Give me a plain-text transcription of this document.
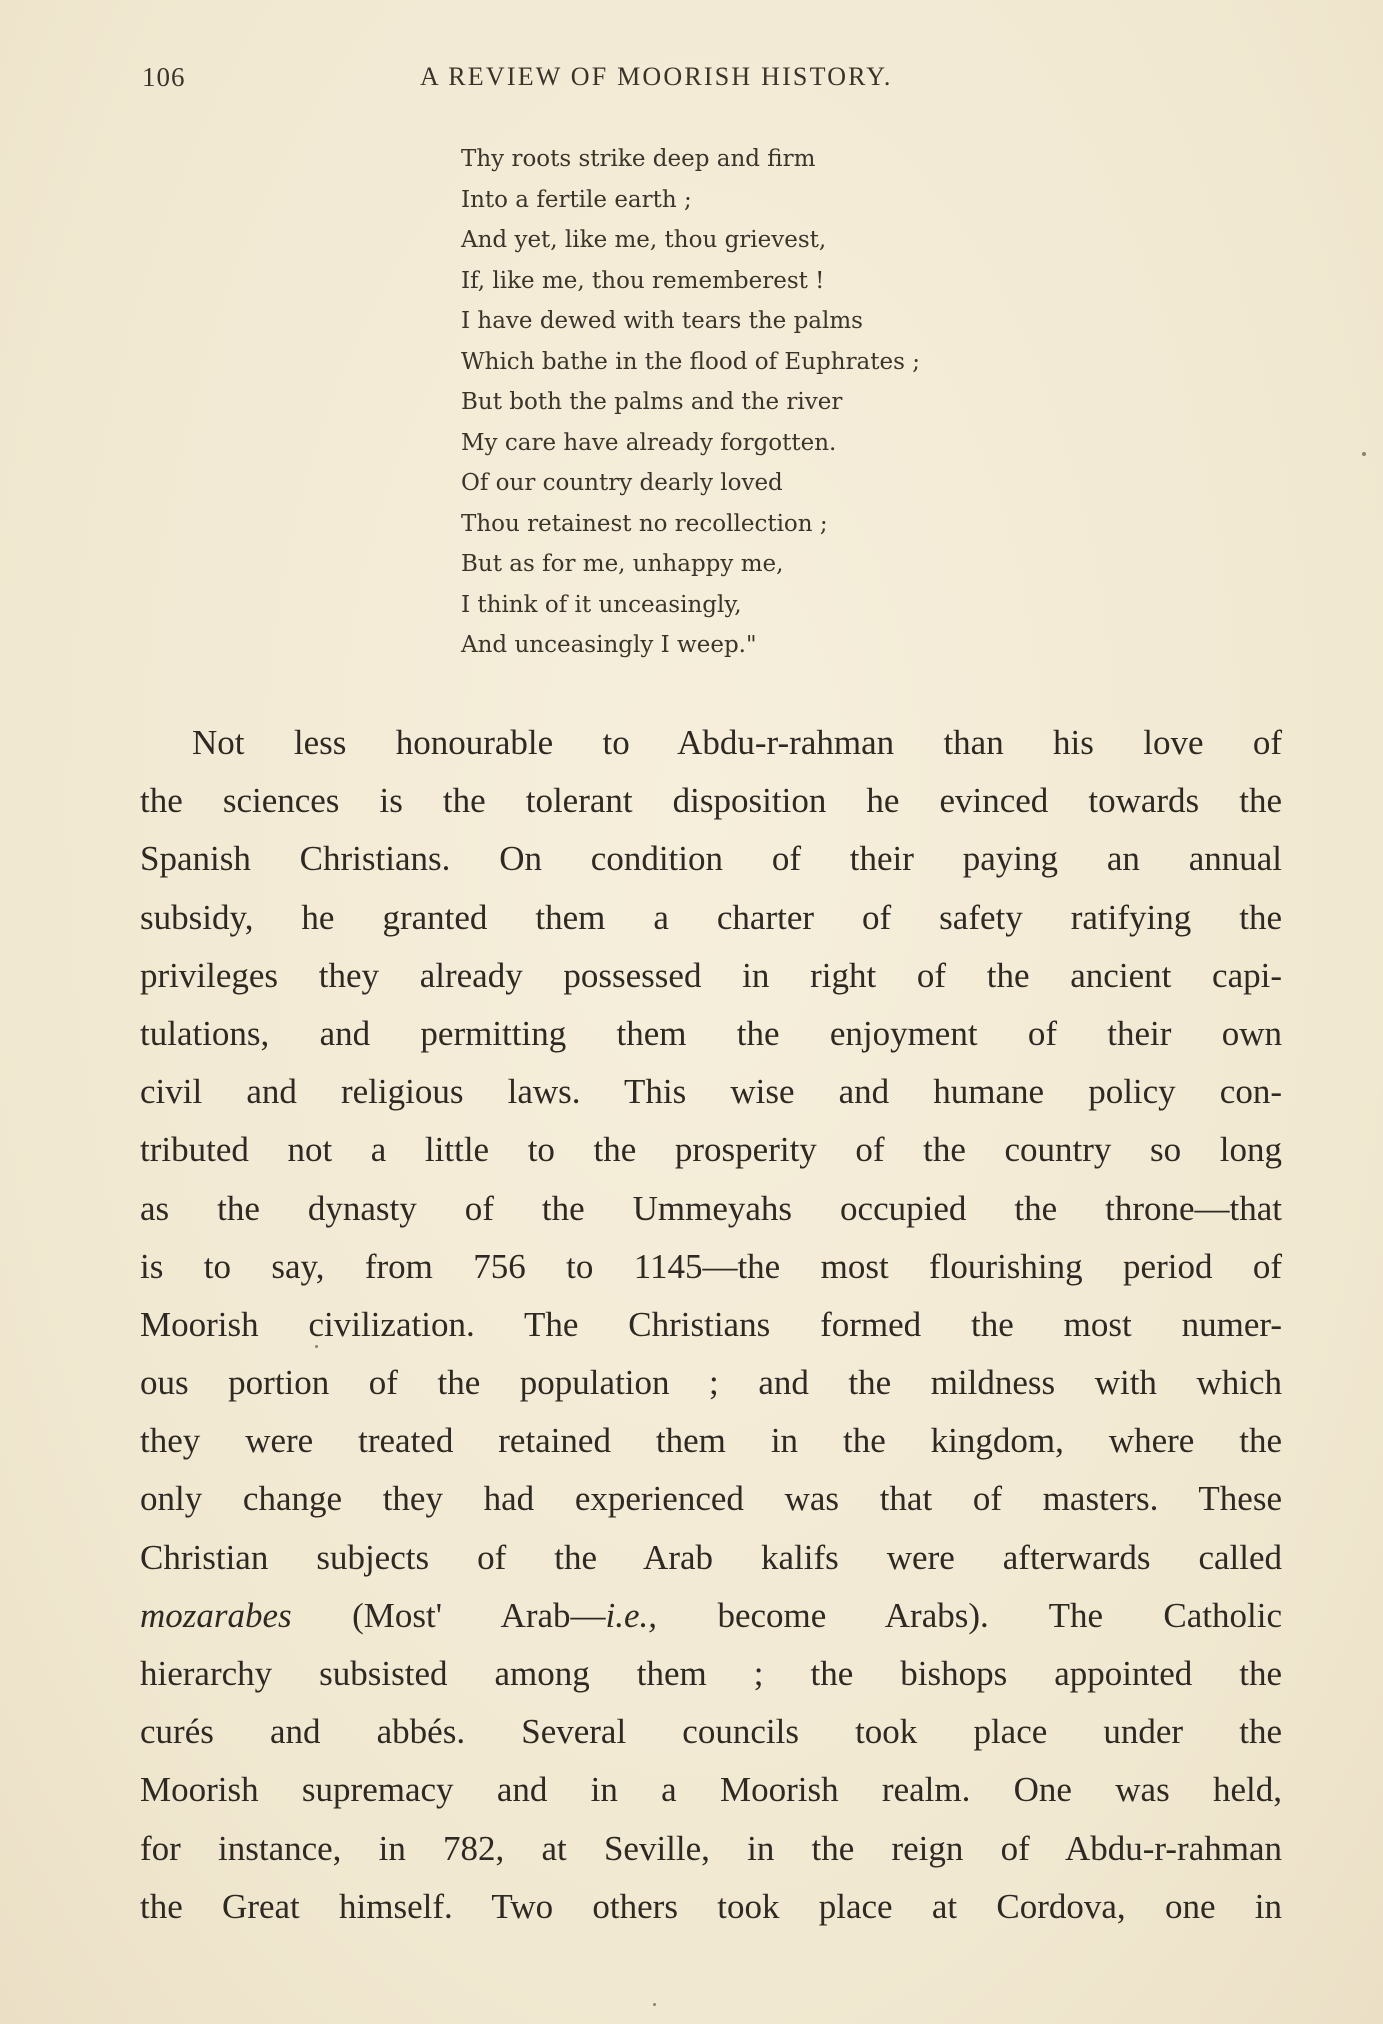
106	A REVIEW OF MOORISH HISTORY.
Thy roots strike deep and firm
Into a fertile earth ;
And yet, like me, thou grievest,
If, like me, thou rememberest !
I have dewed with tears the palms
Which bathe in the flood of Euphrates ;
But both the palms and the river
My care have already forgotten.
Of our country dearly loved
Thou retainest no recollection ;
But as for me, unhappy me,
I think of it unceasingly,
And unceasingly I weep."
Not less honourable to Abdu-r-rahman than his love of
the sciences is the tolerant disposition he evinced towards the
Spanish Christians. On condition of their paying an annual
subsidy, he granted them a charter of safety ratifying the
privileges they already possessed in right of the ancient capi-
tulations, and permitting them the enjoyment of their own
civil and religious laws. This wise and humane policy con-
tributed not a little to the prosperity of the country so long
as the dynasty of the Ummeyahs occupied the throne—that
is to say, from 756 to 1145—the most flourishing period of
Moorish civilization. The Christians formed the most numer-
ous portion of the population ; and the mildness with which
they were treated retained them in the kingdom, where the
only change they had experienced was that of masters. These
Christian subjects of the Arab kalifs were afterwards called
mozarabes (Most' Arab—i.e., become Arabs). The Catholic
hierarchy subsisted among them ; the bishops appointed the
curés and abbés. Several councils took place under the
Moorish supremacy and in a Moorish realm. One was held,
for instance, in 782, at Seville, in the reign of Abdu-r-rahman
the Great himself. Two others took place at Cordova, one in
